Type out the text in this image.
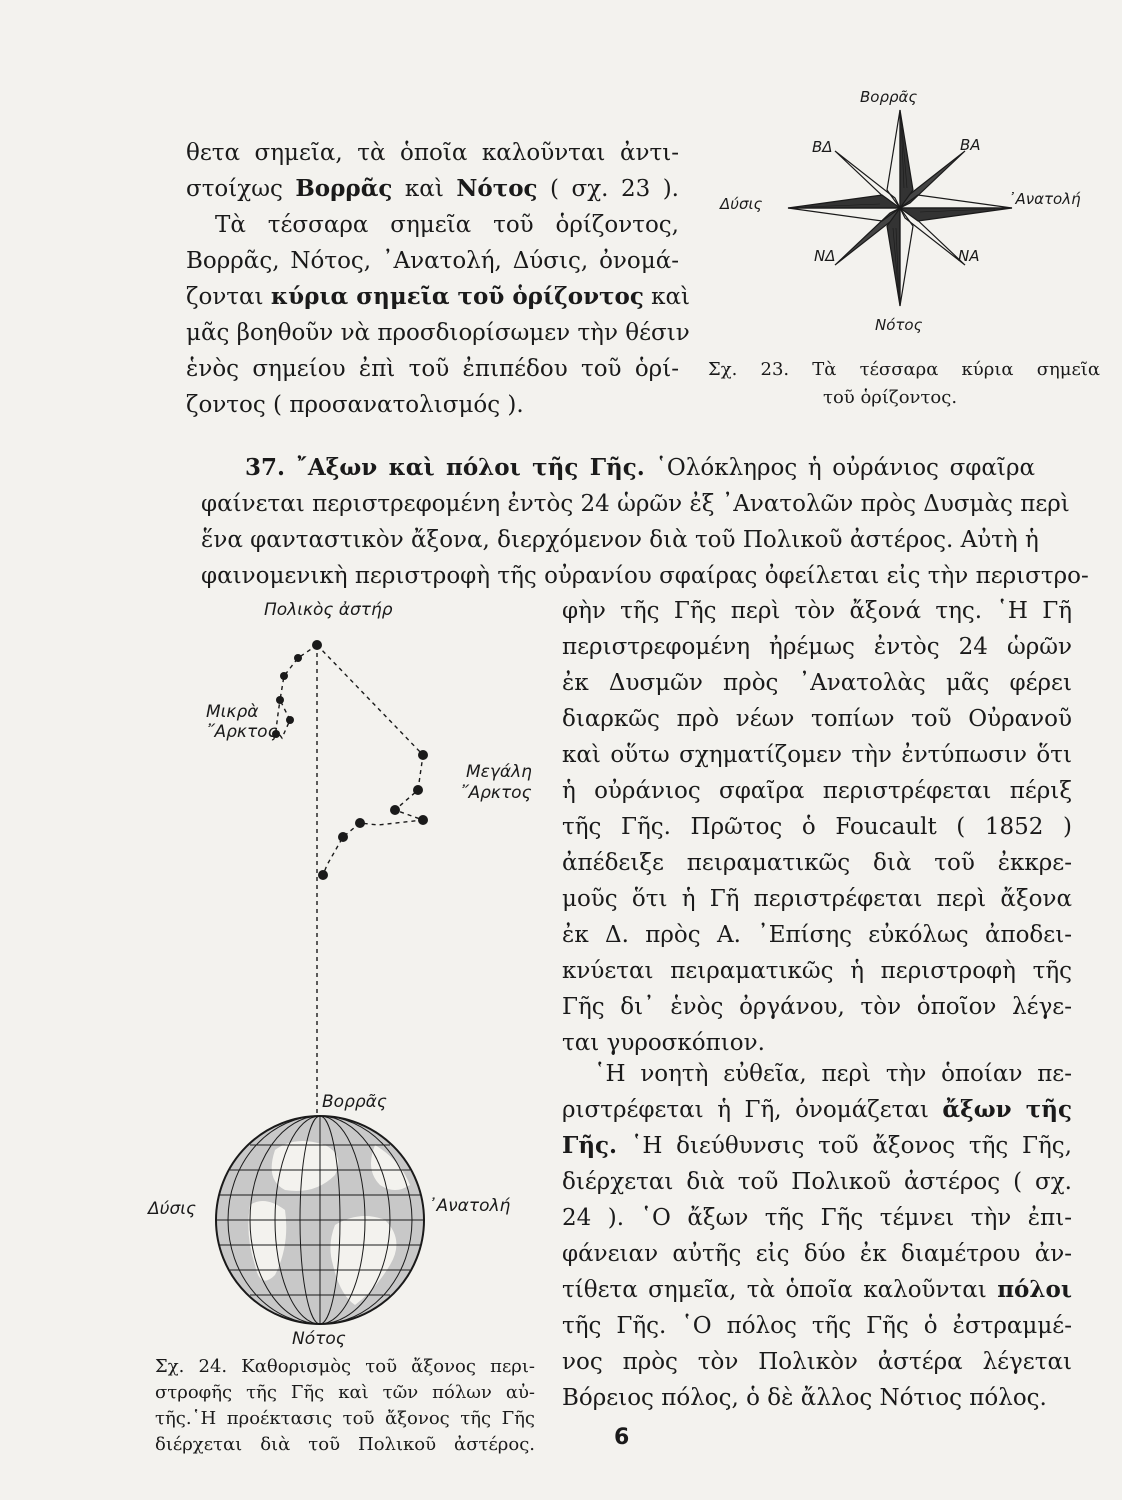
θετα σημεῖα, τὰ ὁποῖα καλοῦνται ἀντι-
στοίχως Βορρᾶς καὶ Νότος ( σχ. 23 ).
Τὰ τέσσαρα σημεῖα τοῦ ὁρίζοντος,
Βορρᾶς, Νότος, ᾽Ανατολή, Δύσις, ὀνομά-
ζονται κύρια σημεῖα τοῦ ὁρίζοντος καὶ
μᾶς βοηθοῦν νὰ προσδιορίσωμεν τὴν θέσιν
ἑνὸς σημείου ἐπὶ τοῦ ἐπιπέδου τοῦ ὁρί-
ζοντος ( προσανατολισμός ).
Βορρᾶς
ΒΔ	ΒΑ
Δύσις	᾽Ανατολή
ΝΔ	ΝΑ
Νότος
Σχ. 23. Τὰ τέσσαρα κύρια σημεῖα
τοῦ ὁρίζοντος.
37. ῎Αξων καὶ πόλοι τῆς Γῆς. ῾Ολόκληρος ἡ οὐράνιος σφαῖρα
φαίνεται περιστρεφομένη ἐντὸς 24 ὡρῶν ἐξ ᾽Ανατολῶν πρὸς Δυσμὰς περὶ
ἕνα φανταστικὸν ἄξονα, διερχόμενον διὰ τοῦ Πολικοῦ ἀστέρος. Αὐτὴ ἡ
φαινομενικὴ περιστροφὴ τῆς οὐρανίου σφαίρας ὀφείλεται εἰς τὴν περιστρο-
φὴν τῆς Γῆς περὶ τὸν ἄξονά της. ῾Η Γῆ
περιστρεφομένη ἠρέμως ἐντὸς 24 ὡρῶν
ἐκ Δυσμῶν πρὸς ᾽Ανατολὰς μᾶς φέρει
διαρκῶς πρὸ νέων τοπίων τοῦ Οὐρανοῦ
καὶ οὕτω σχηματίζομεν τὴν ἐντύπωσιν ὅτι
ἡ οὐράνιος σφαῖρα περιστρέφεται πέριξ
τῆς Γῆς. Πρῶτος ὁ Foucault ( 1852 )
ἀπέδειξε πειραματικῶς διὰ τοῦ ἐκκρε-
μοῦς ὅτι ἡ Γῆ περιστρέφεται περὶ ἄξονα
ἐκ Δ. πρὸς Α. ᾽Επίσης εὐκόλως ἀποδει-
κνύεται πειραματικῶς ἡ περιστροφὴ τῆς
Γῆς δι᾽ ἑνὸς ὀργάνου, τὸν ὁποῖον λέγε-
ται γυροσκόπιον.
῾Η νοητὴ εὐθεῖα, περὶ τὴν ὁποίαν πε-
ριστρέφεται ἡ Γῆ, ὀνομάζεται ἄξων τῆς
Γῆς. ῾Η διεύθυνσις τοῦ ἄξονος τῆς Γῆς,
διέρχεται διὰ τοῦ Πολικοῦ ἀστέρος ( σχ.
24 ). ῾Ο ἄξων τῆς Γῆς τέμνει τὴν ἐπι-
φάνειαν αὐτῆς εἰς δύο ἐκ διαμέτρου ἀν-
τίθετα σημεῖα, τὰ ὁποῖα καλοῦνται πόλοι
τῆς Γῆς. ῾Ο πόλος τῆς Γῆς ὁ ἐστραμμέ-
νος πρὸς τὸν Πολικὸν ἀστέρα λέγεται
Βόρειος πόλος, ὁ δὲ ἄλλος Νότιος πόλος.
Πολικὸς ἀστήρ
Μικρὰ
῎Αρκτος
Μεγάλη
῎Αρκτος
Βορρᾶς
Δύσις	᾽Ανατολή
Νότος
Σχ. 24. Καθορισμὸς τοῦ ἄξονος περι-
στροφῆς τῆς Γῆς καὶ τῶν πόλων αὐ-
τῆς.῾Η προέκτασις τοῦ ἄξονος τῆς Γῆς
διέρχεται διὰ τοῦ Πολικοῦ ἀστέρος.	6
